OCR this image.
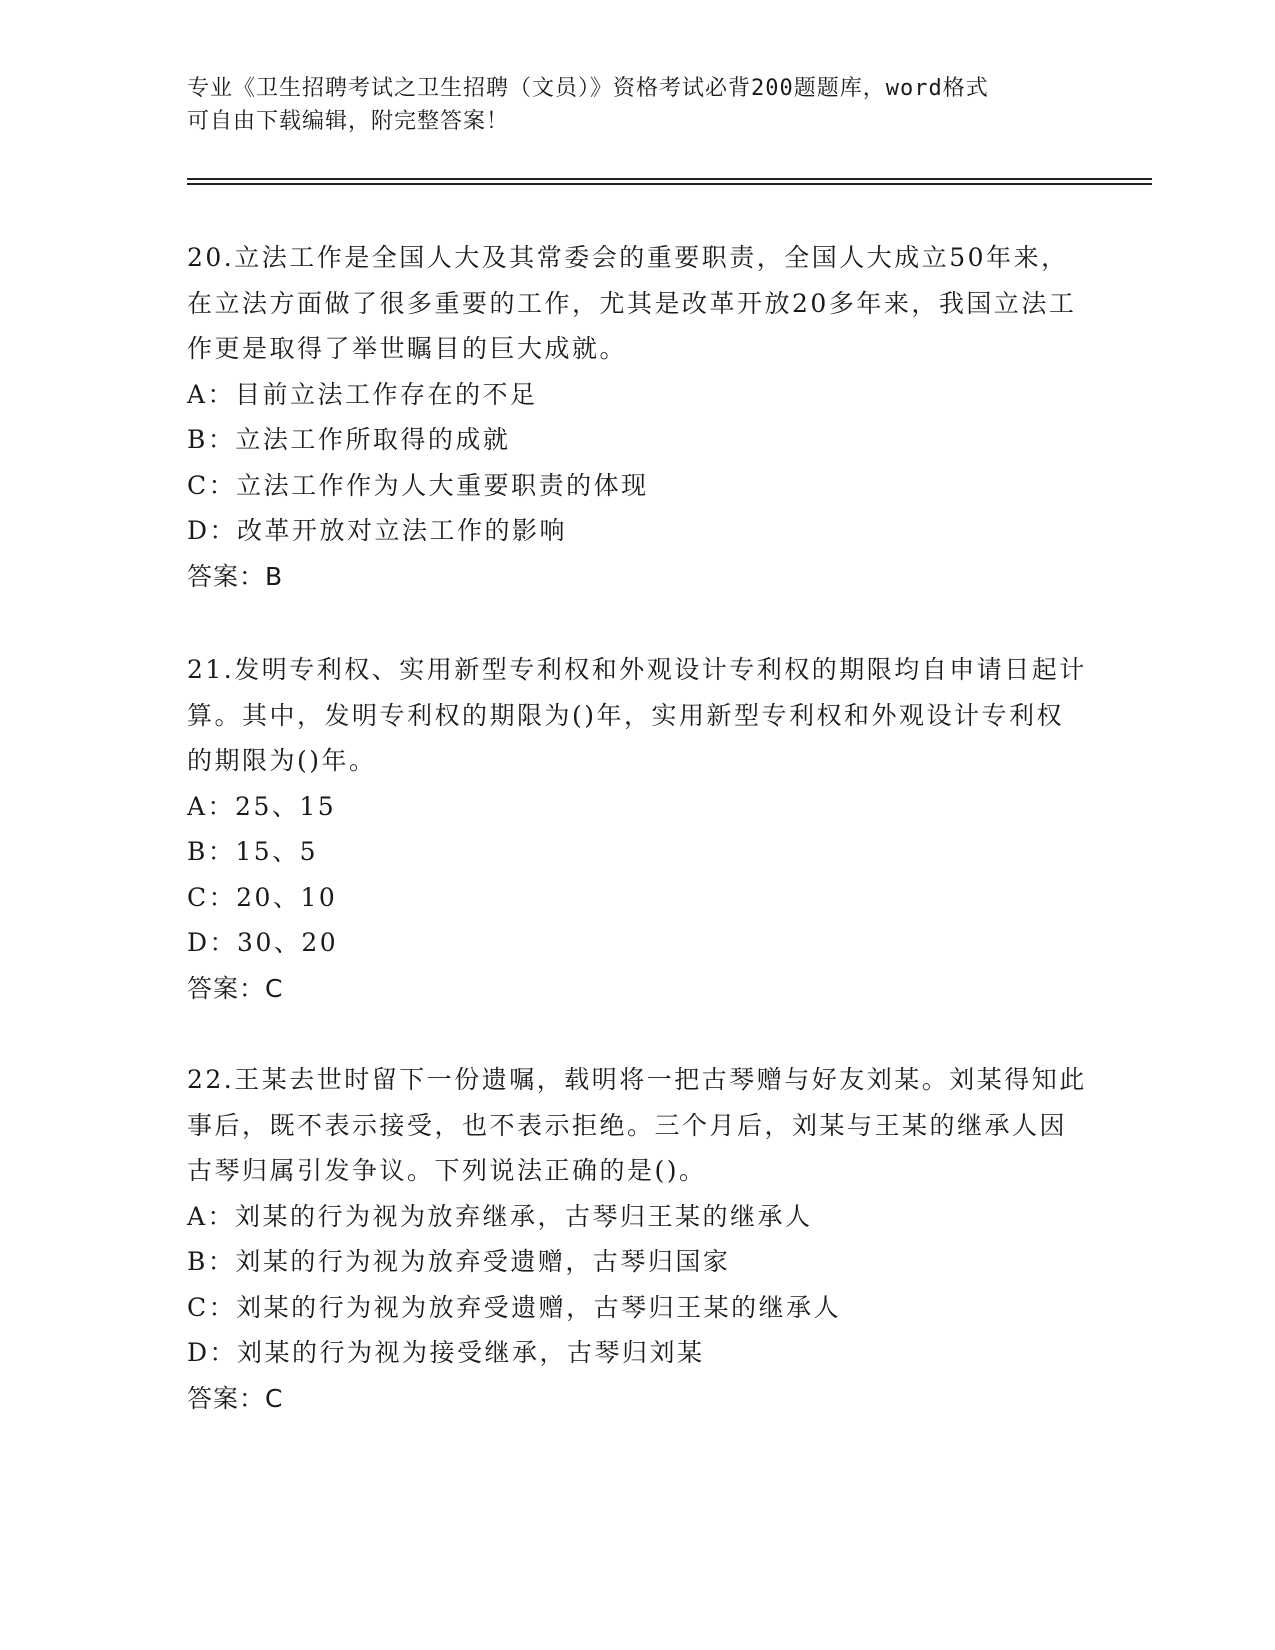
专业《卫生招聘考试之卫生招聘（文员）》资格考试必背200题题库，word格式
可自由下载编辑，附完整答案！
20.立法工作是全国人大及其常委会的重要职责，全国人大成立50年来，在立法方面做了很多重要的工作，尤其是改革开放20多年来，我国立法工作更是取得了举世瞩目的巨大成就。
A：目前立法工作存在的不足
B：立法工作所取得的成就
C：立法工作作为人大重要职责的体现
D：改革开放对立法工作的影响
答案：B
21.发明专利权、实用新型专利权和外观设计专利权的期限均自申请日起计算。其中，发明专利权的期限为()年，实用新型专利权和外观设计专利权的期限为()年。
A：25、15
B：15、5
C：20、10
D：30、20
答案：C
22.王某去世时留下一份遗嘱，载明将一把古琴赠与好友刘某。刘某得知此事后，既不表示接受，也不表示拒绝。三个月后，刘某与王某的继承人因古琴归属引发争议。下列说法正确的是()。
A：刘某的行为视为放弃继承，古琴归王某的继承人
B：刘某的行为视为放弃受遗赠，古琴归国家
C：刘某的行为视为放弃受遗赠，古琴归王某的继承人
D：刘某的行为视为接受继承，古琴归刘某
答案：C
